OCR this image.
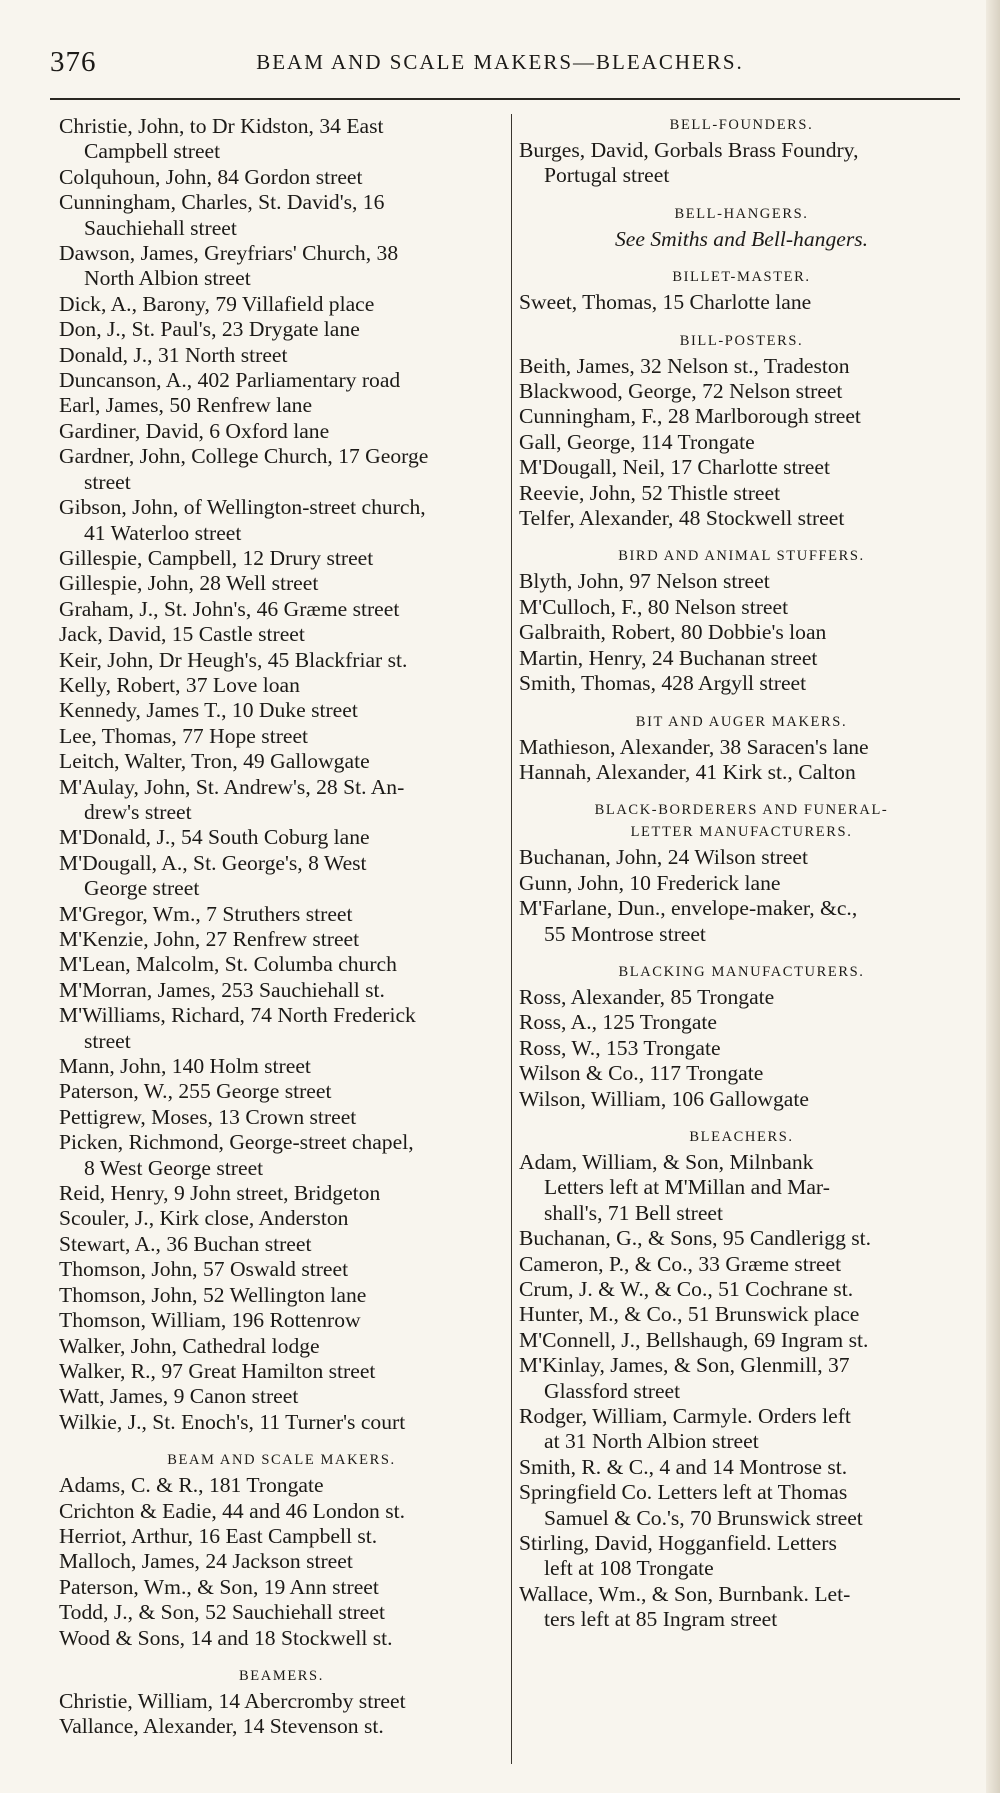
376	BEAM AND SCALE MAKERS—BLEACHERS.
Christie, John, to Dr Kidston, 34 East
Campbell street
Colquhoun, John, 84 Gordon street
Cunningham, Charles, St. David's, 16
Sauchiehall street
Dawson, James, Greyfriars' Church, 38
North Albion street
Dick, A., Barony, 79 Villafield place
Don, J., St. Paul's, 23 Drygate lane
Donald, J., 31 North street
Duncanson, A., 402 Parliamentary road
Earl, James, 50 Renfrew lane
Gardiner, David, 6 Oxford lane
Gardner, John, College Church, 17 George
street
Gibson, John, of Wellington-street church,
41 Waterloo street
Gillespie, Campbell, 12 Drury street
Gillespie, John, 28 Well street
Graham, J., St. John's, 46 Græme street
Jack, David, 15 Castle street
Keir, John, Dr Heugh's, 45 Blackfriar st.
Kelly, Robert, 37 Love loan
Kennedy, James T., 10 Duke street
Lee, Thomas, 77 Hope street
Leitch, Walter, Tron, 49 Gallowgate
M'Aulay, John, St. Andrew's, 28 St. An-
drew's street
M'Donald, J., 54 South Coburg lane
M'Dougall, A., St. George's, 8 West
George street
M'Gregor, Wm., 7 Struthers street
M'Kenzie, John, 27 Renfrew street
M'Lean, Malcolm, St. Columba church
M'Morran, James, 253 Sauchiehall st.
M'Williams, Richard, 74 North Frederick
street
Mann, John, 140 Holm street
Paterson, W., 255 George street
Pettigrew, Moses, 13 Crown street
Picken, Richmond, George-street chapel,
8 West George street
Reid, Henry, 9 John street, Bridgeton
Scouler, J., Kirk close, Anderston
Stewart, A., 36 Buchan street
Thomson, John, 57 Oswald street
Thomson, John, 52 Wellington lane
Thomson, William, 196 Rottenrow
Walker, John, Cathedral lodge
Walker, R., 97 Great Hamilton street
Watt, James, 9 Canon street
Wilkie, J., St. Enoch's, 11 Turner's court
BEAM AND SCALE MAKERS.
Adams, C. & R., 181 Trongate
Crichton & Eadie, 44 and 46 London st.
Herriot, Arthur, 16 East Campbell st.
Malloch, James, 24 Jackson street
Paterson, Wm., & Son, 19 Ann street
Todd, J., & Son, 52 Sauchiehall street
Wood & Sons, 14 and 18 Stockwell st.
BEAMERS.
Christie, William, 14 Abercromby street
Vallance, Alexander, 14 Stevenson st.
BELL-FOUNDERS.
Burges, David, Gorbals Brass Foundry,
Portugal street
BELL-HANGERS.
See Smiths and Bell-hangers.
BILLET-MASTER.
Sweet, Thomas, 15 Charlotte lane
BILL-POSTERS.
Beith, James, 32 Nelson st., Tradeston
Blackwood, George, 72 Nelson street
Cunningham, F., 28 Marlborough street
Gall, George, 114 Trongate
M'Dougall, Neil, 17 Charlotte street
Reevie, John, 52 Thistle street
Telfer, Alexander, 48 Stockwell street
BIRD AND ANIMAL STUFFERS.
Blyth, John, 97 Nelson street
M'Culloch, F., 80 Nelson street
Galbraith, Robert, 80 Dobbie's loan
Martin, Henry, 24 Buchanan street
Smith, Thomas, 428 Argyll street
BIT AND AUGER MAKERS.
Mathieson, Alexander, 38 Saracen's lane
Hannah, Alexander, 41 Kirk st., Calton
BLACK-BORDERERS AND FUNERAL-
LETTER MANUFACTURERS.
Buchanan, John, 24 Wilson street
Gunn, John, 10 Frederick lane
M'Farlane, Dun., envelope-maker, &c.,
55 Montrose street
BLACKING MANUFACTURERS.
Ross, Alexander, 85 Trongate
Ross, A., 125 Trongate
Ross, W., 153 Trongate
Wilson & Co., 117 Trongate
Wilson, William, 106 Gallowgate
BLEACHERS.
Adam, William, & Son, Milnbank
Letters left at M'Millan and Mar-
shall's, 71 Bell street
Buchanan, G., & Sons, 95 Candlerigg st.
Cameron, P., & Co., 33 Græme street
Crum, J. & W., & Co., 51 Cochrane st.
Hunter, M., & Co., 51 Brunswick place
M'Connell, J., Bellshaugh, 69 Ingram st.
M'Kinlay, James, & Son, Glenmill, 37
Glassford street
Rodger, William, Carmyle. Orders left
at 31 North Albion street
Smith, R. & C., 4 and 14 Montrose st.
Springfield Co. Letters left at Thomas
Samuel & Co.'s, 70 Brunswick street
Stirling, David, Hogganfield. Letters
left at 108 Trongate
Wallace, Wm., & Son, Burnbank. Let-
ters left at 85 Ingram street
